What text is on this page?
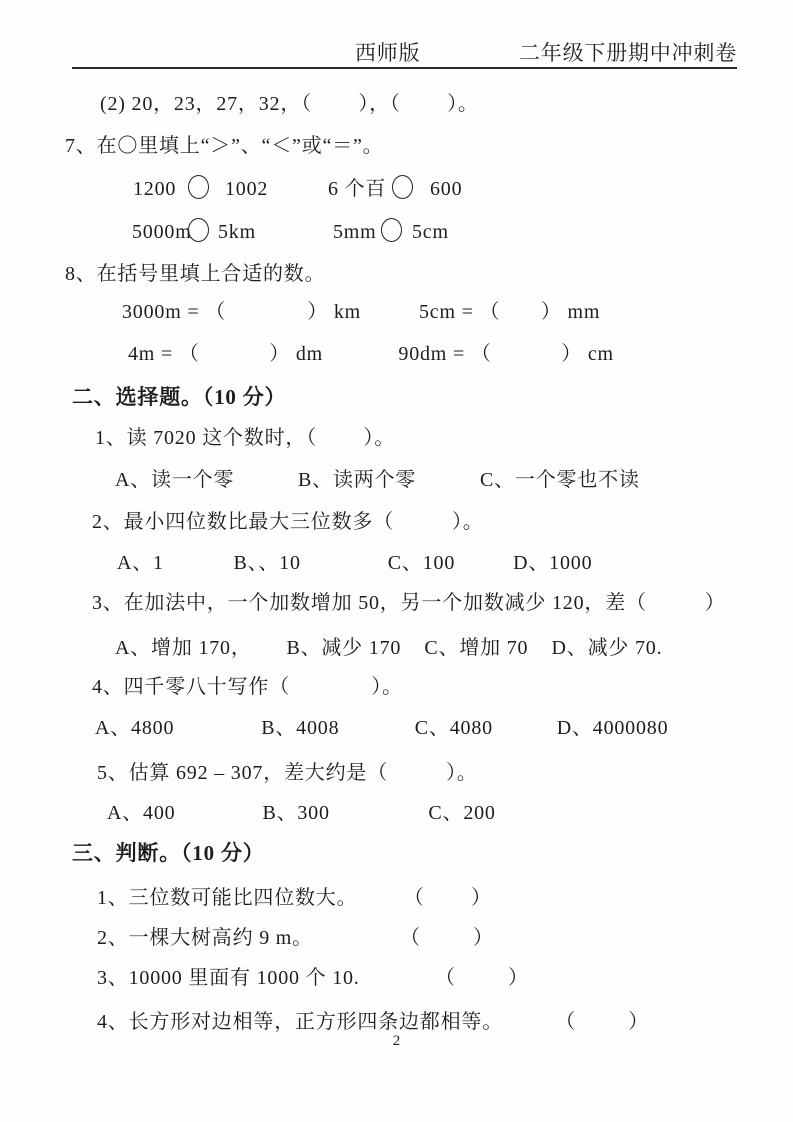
西师版	二年级下册期中冲刺卷
(2) 20，23，27，32，（        ），（        ）。
7、在〇里填上“＞”、“＜”或“＝”。
1200 1002	6 个百 600
5000m 5km	5mm 5cm
8、在括号里填上合适的数。
3000m = （              ） km          5cm = （       ） mm
4m = （            ） dm             90dm = （            ） cm
二、选择题。（10 分）
1、读 7020 这个数时，（        ）。
A、读一个零           B、读两个零           C、一个零也不读
2、最小四位数比最大三位数多（          ）。
A、1            B、、10               C、100          D、1000
3、在加法中，一个加数增加 50，另一个加数减少 120，差（          ）
A、增加 170，      B、减少 170    C、增加 70    D、减少 70.
4、四千零八十写作（              ）。
A、4800               B、4008             C、4080           D、4000080
5、估算 692 – 307，差大约是（          ）。
A、400               B、300                 C、200
三、判断。（10 分）
1、三位数可能比四位数大。        （        ）
2、一棵大树高约 9 m。               （         ）
3、10000 里面有 1000 个 10.             （         ）
4、长方形对边相等，正方形四条边都相等。         （         ）
2
